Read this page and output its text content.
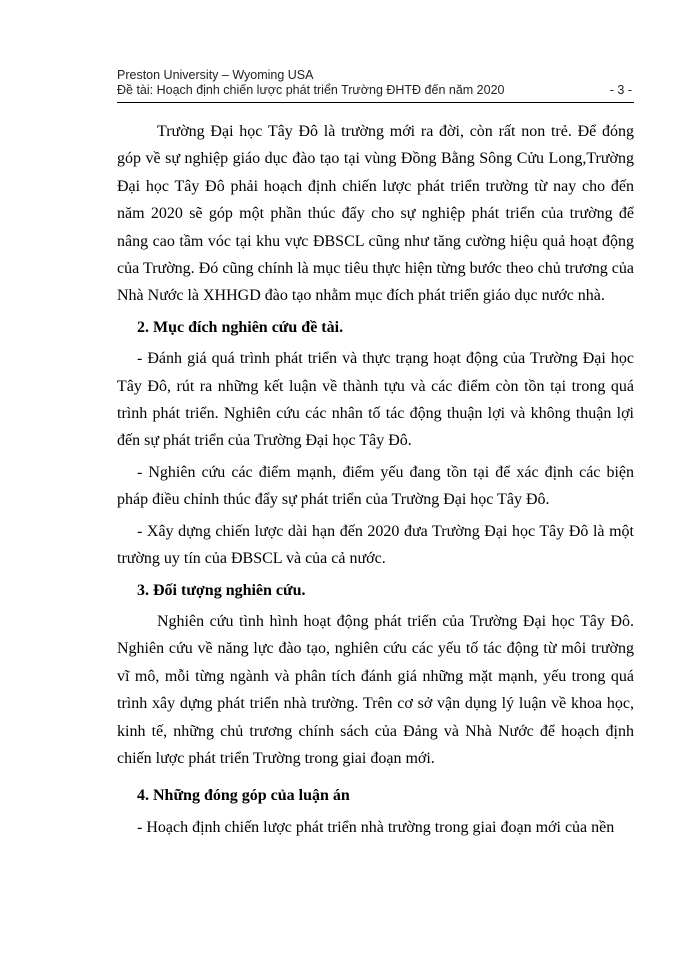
Preston University – Wyoming USA
Đề tài: Hoạch định chiến lược phát triển Trường ĐHTĐ đến năm 2020	- 3 -

Trường Đại học Tây Đô là trường mới ra đời, còn rất non trẻ. Để đóng góp về sự nghiệp giáo dục đào tạo tại vùng Đồng Bằng Sông Cửu Long,Trường Đại học Tây Đô phải hoạch định chiến lược phát triển trường từ nay cho đến năm 2020 sẽ góp một phần thúc đẩy cho sự nghiệp phát triển của trường để nâng cao tầm vóc tại khu vực ĐBSCL cũng như tăng cường hiệu quả hoạt động của Trường. Đó cũng chính là mục tiêu thực hiện từng bước theo chủ trương của Nhà Nước là XHHGD đào tạo nhằm mục đích phát triển giáo dục nước nhà.

2. Mục đích nghiên cứu đề tài.

- Đánh giá quá trình phát triển và thực trạng hoạt động của Trường Đại học Tây Đô, rút ra những kết luận về thành tựu và các điểm còn tồn tại trong quá trình phát triển. Nghiên cứu các nhân tố tác động thuận lợi và không thuận lợi đến sự phát triển của Trường Đại học Tây Đô.

- Nghiên cứu các điểm mạnh, điểm yếu đang tồn tại để xác định các biện pháp điều chỉnh thúc đẩy sự phát triển của Trường Đại học Tây Đô.

- Xây dựng chiến lược dài hạn đến 2020 đưa Trường Đại học Tây Đô là một trường uy tín của ĐBSCL và của cả nước.

3. Đối tượng nghiên cứu.

Nghiên cứu tình hình hoạt động phát triển của Trường Đại học Tây Đô. Nghiên cứu về năng lực đào tạo, nghiên cứu các yếu tố tác động từ môi trường vĩ mô, mỗi từng ngành và phân tích đánh giá những mặt mạnh, yếu trong quá trình xây dựng phát triển nhà trường. Trên cơ sở vận dụng lý luận về khoa học, kinh tế, những chủ trương chính sách của Đảng và Nhà Nước để hoạch định chiến lược phát triển Trường trong giai đoạn mới.

4. Những đóng góp của luận án

- Hoạch định chiến lược phát triển nhà trường trong giai đoạn mới của nền
